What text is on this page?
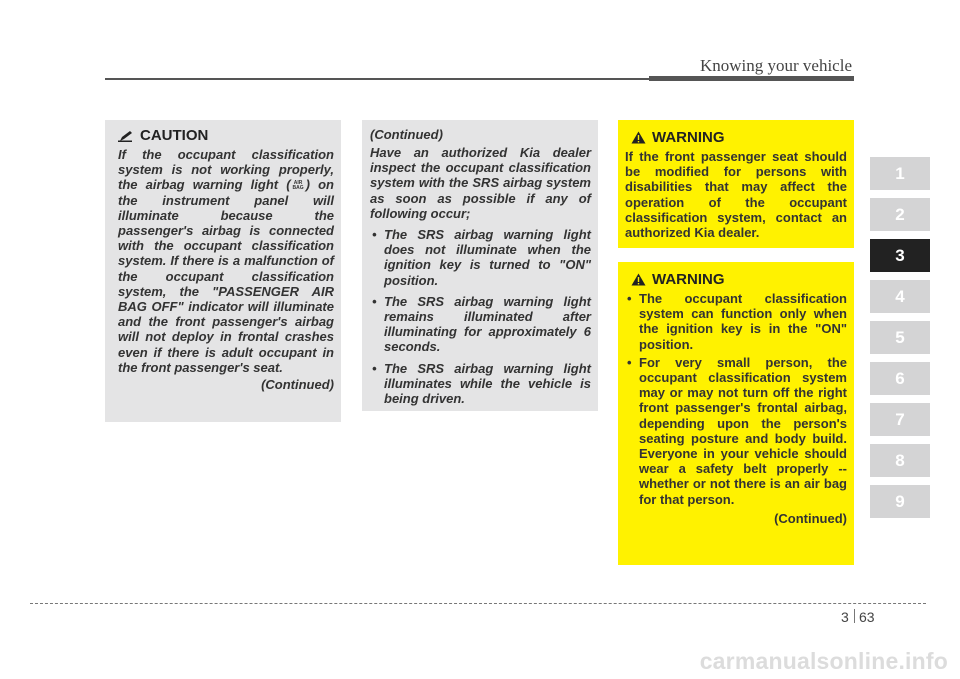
Knowing your vehicle
CAUTION

If the occupant classification system is not working properly, the airbag warning light ( AIR
BAG ) on the instrument panel will illuminate because the passenger's airbag is connected with the occupant classification system. If there is a malfunction of the occupant classification system, the "PASSENGER AIR BAG OFF" indicator will illuminate and the front passenger's airbag will not deploy in frontal crashes even if there is adult occupant in the front passenger's seat.

(Continued)
(Continued)

Have an authorized Kia dealer inspect the occupant classification system with the SRS airbag system as soon as possible if any of following occur;

• The SRS airbag warning light does not illuminate when the ignition key is turned to "ON" position.
• The SRS airbag warning light remains illuminated after illuminating for approximately 6 seconds.
• The SRS airbag warning light illuminates while the vehicle is being driven.
WARNING

If the front passenger seat should be modified for persons with disabilities that may affect the operation of the occupant classification system, contact an authorized Kia dealer.

WARNING
• The occupant classification system can function only when the ignition key is in the "ON" position.
• For very small person, the occupant classification system may or may not turn off the right front passenger's frontal airbag, depending upon the person's seating posture and body build. Everyone in your vehicle should wear a safety belt properly -- whether or not there is an air bag for that person.
(Continued)
1
2
3
4
5
6
7
8
9
3 63
carmanualsonline.info
